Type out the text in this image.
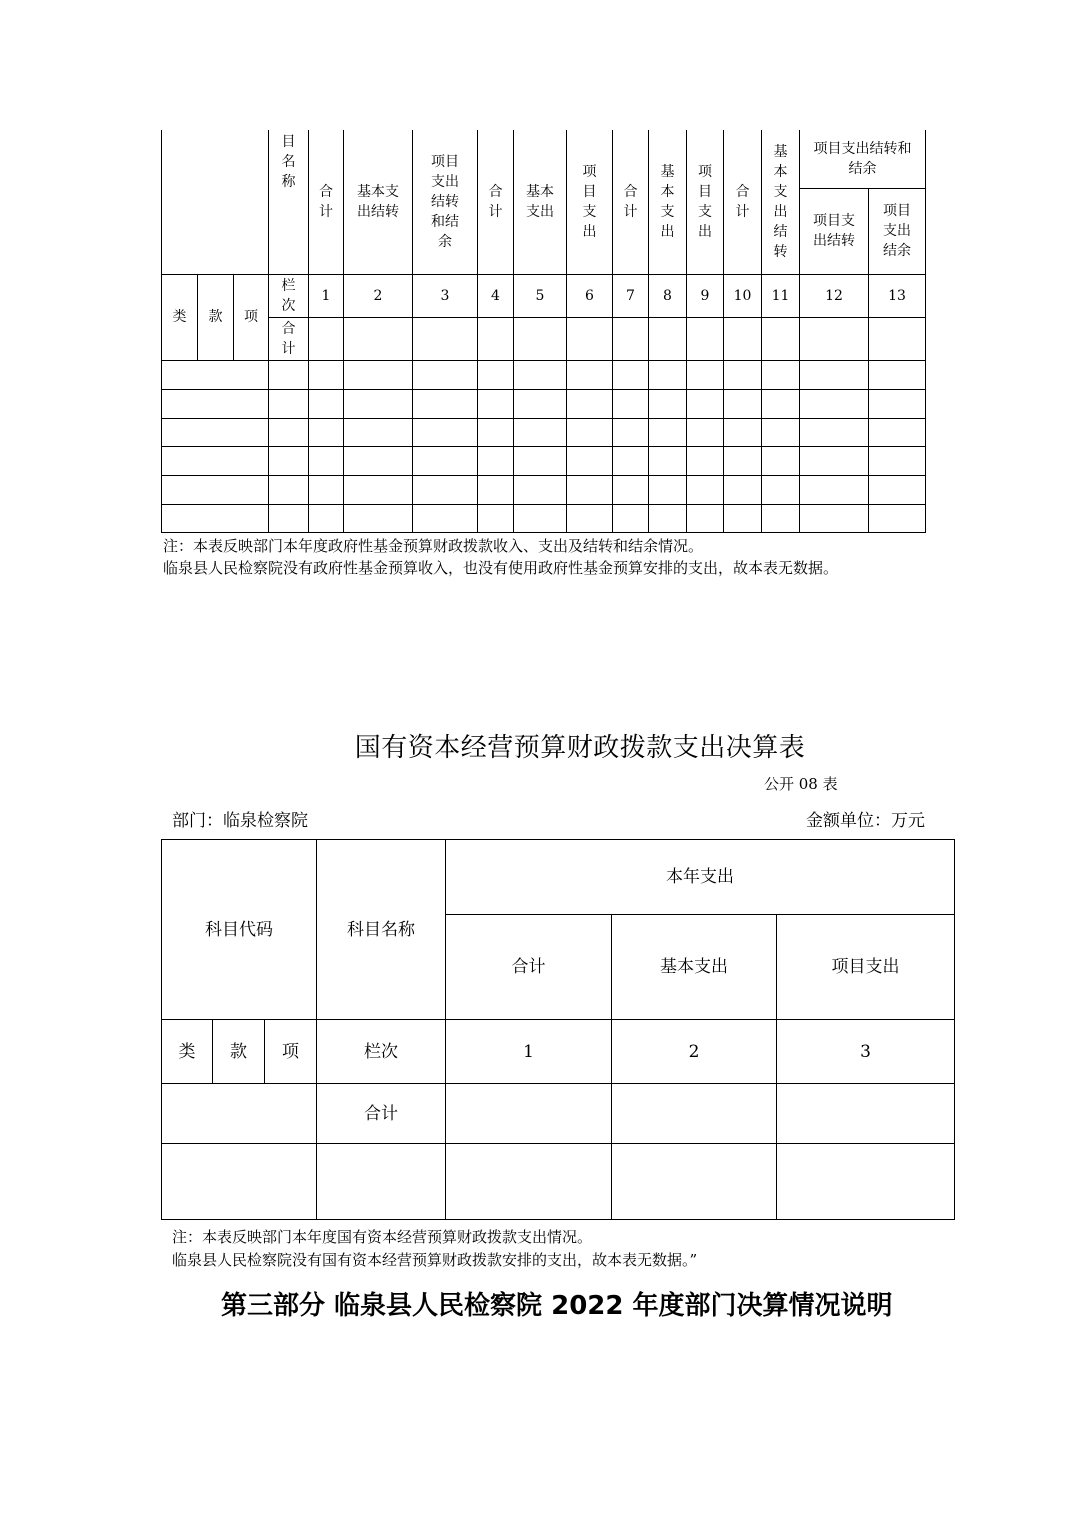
			目名称	合计	基本支出结转	项目支出结转和结余	合计	基本支出	项目支出	合计	基本支出	项目支出	合计	基本支出结转	项目支出结转和结余	
															项目支出结转	项目支出结余
类	款	项	栏次	1	2	3	4	5	6	7	8	9	10	11	12	13
			合计													

注：本表反映部门本年度政府性基金预算财政拨款收入、支出及结转和结余情况。
临泉县人民检察院没有政府性基金预算收入，也没有使用政府性基金预算安排的支出，故本表无数据。
国有资本经营预算财政拨款支出决算表
公开 08 表
部门：临泉检察院	金额单位：万元
科目代码			科目名称	本年支出		
				合计	基本支出	项目支出
类	款	项	栏次	1	2	3
			合计			

注：本表反映部门本年度国有资本经营预算财政拨款支出情况。
临泉县人民检察院没有国有资本经营预算财政拨款安排的支出，故本表无数据。”
第三部分 临泉县人民检察院 2022 年度部门决算情况说明
